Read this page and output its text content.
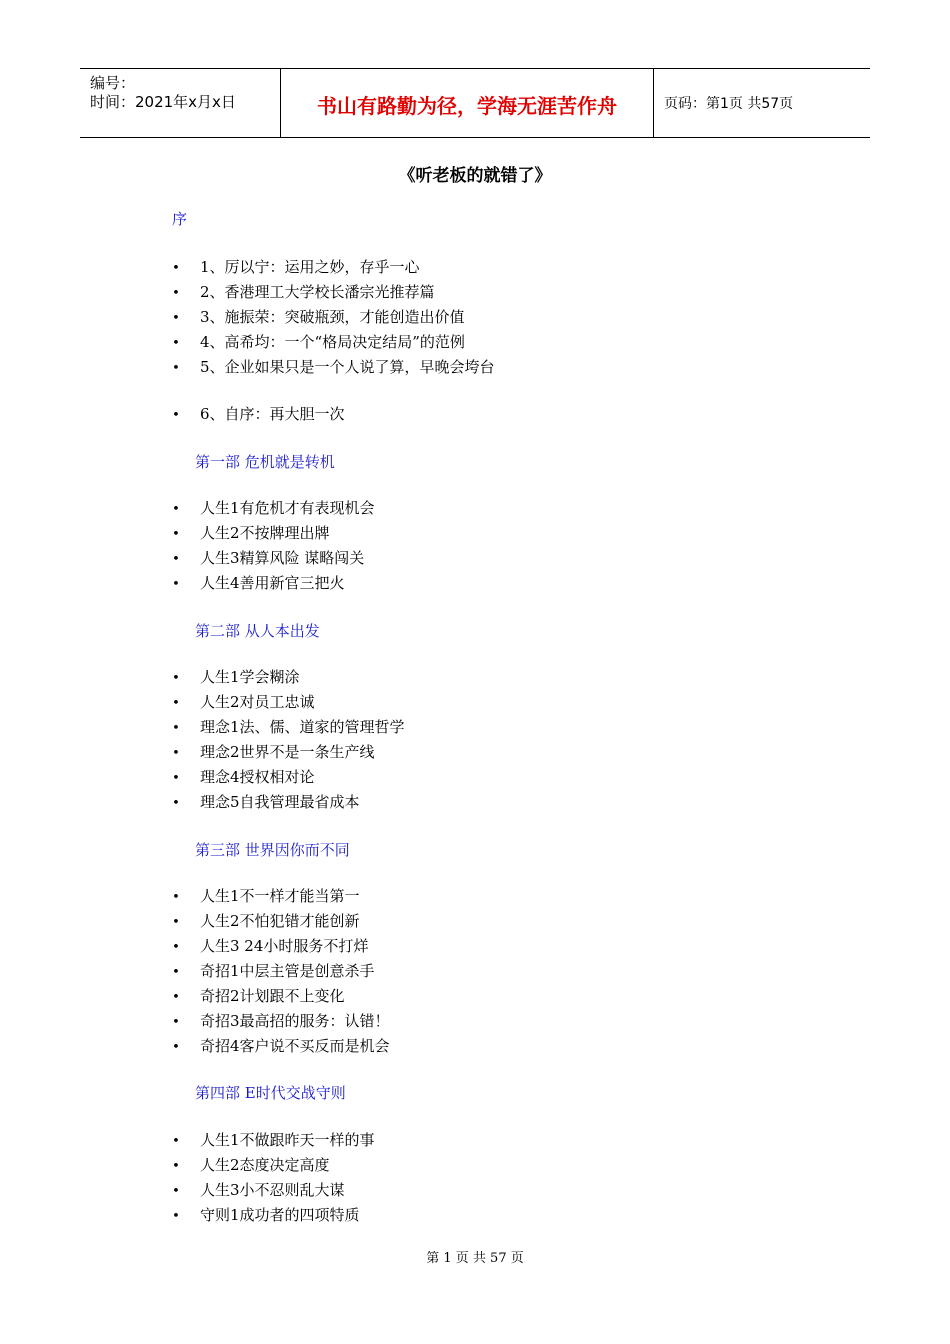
编号：
时间：2021年x月x日	书山有路勤为径，学海无涯苦作舟	页码：第1页 共57页
《听老板的就错了》
序
• 1、厉以宁：运用之妙，存乎一心
• 2、香港理工大学校长潘宗光推荐篇
• 3、施振荣：突破瓶颈，才能创造出价值
• 4、高希均：一个“格局决定结局”的范例
• 5、企业如果只是一个人说了算，早晚会垮台
• 6、自序：再大胆一次
第一部 危机就是转机
• 人生1有危机才有表现机会
• 人生2不按牌理出牌
• 人生3精算风险 谋略闯关
• 人生4善用新官三把火
第二部 从人本出发
• 人生1学会糊涂
• 人生2对员工忠诚
• 理念1法、儒、道家的管理哲学
• 理念2世界不是一条生产线
• 理念4授权相对论
• 理念5自我管理最省成本
第三部 世界因你而不同
• 人生1不一样才能当第一
• 人生2不怕犯错才能创新
• 人生3 24小时服务不打烊
• 奇招1中层主管是创意杀手
• 奇招2计划跟不上变化
• 奇招3最高招的服务：认错！
• 奇招4客户说不买反而是机会
第四部 E时代交战守则
• 人生1不做跟昨天一样的事
• 人生2态度决定高度
• 人生3小不忍则乱大谋
• 守则1成功者的四项特质
第 1 页 共 57 页
